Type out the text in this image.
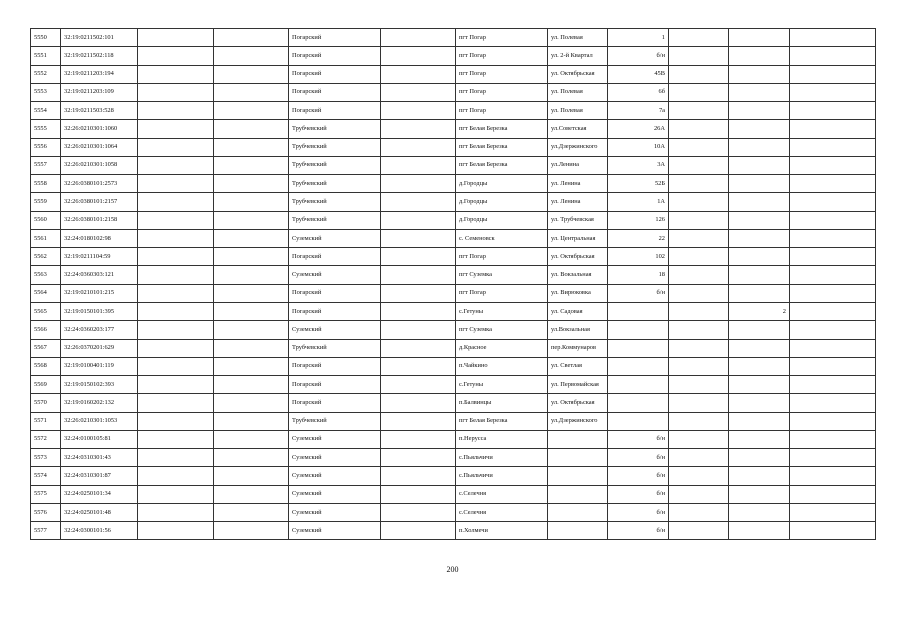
5550	32:19:0211502:101			Погарский		пгт Погар	ул. Полевая	1			
5551	32:19:0211502:118			Погарский		пгт Погар	ул. 2-й Квартал	б/н			
5552	32:19:0211203:194			Погарский		пгт Погар	ул. Октябрьская	45В			
5553	32:19:0211203:109			Погарский		пгт Погар	ул. Полевая	6б			
5554	32:19:0211503:528			Погарский		пгт Погар	ул. Полевая	7а			
5555	32:26:0210301:1060			Трубчевский		пгт Белая Березка	ул.Советская	26А			
5556	32:26:0210301:1064			Трубчевский		пгт Белая Березка	ул.Дзержинского	10А			
5557	32:26:0210301:1058			Трубчевский		пгт Белая Березка	ул.Ленина	3А			
5558	32:26:0380101:2573			Трубчевский		д.Городцы	ул. Ленина	52Б			
5559	32:26:0380101:2157			Трубчевский		д.Городцы	ул. Ленина	1А			
5560	32:26:0380101:2158			Трубчевский		д.Городцы	ул. Трубчевская	126			
5561	32:24:0180102:98			Суземский		с. Семеновск	ул. Центральная	22			
5562	32:19:0211104:59			Погарский		пгт Погар	ул. Октябрьская	102			
5563	32:24:0360303:121			Суземский		пгт Суземка	ул. Вокзальная	18			
5564	32:19:0210101:215			Погарский		пгт Погар	ул. Вирюковка	б/н			
5565	32:19:0150101:395			Погарский		с.Гетуны	ул. Садовая			2	
5566	32:24:0360203:177			Суземский		пгт Суземка	ул.Вокзальная				
5567	32:26:0370201:629			Трубчевский		д.Красное	пер.Коммунаров				
5568	32:19:0100401:119			Погарский		п.Чайкино	ул. Светлая				
5569	32:19:0150102:393			Погарский		с.Гетуны	ул. Первомайская				
5570	32:19:0160202:132			Погарский		п.Балвинцы	ул. Октябрьская				
5571	32:26:0210301:1053			Трубчевский		пгт Белая Березка	ул.Дзержинского				
5572	32:24:0100105:81			Суземский		п.Нерусса		б/н			
5573	32:24:0310301:43			Суземский		с.Пьяльчичи		б/н			
5574	32:24:0310301:87			Суземский		с.Пьяльчичи		б/н			
5575	32:24:0250101:34			Суземский		с.Селечня		б/н			
5576	32:24:0250101:48			Суземский		с.Селечня		б/н			
5577	32:24:0300101:56			Суземский		п.Холмечи		б/н			
200
